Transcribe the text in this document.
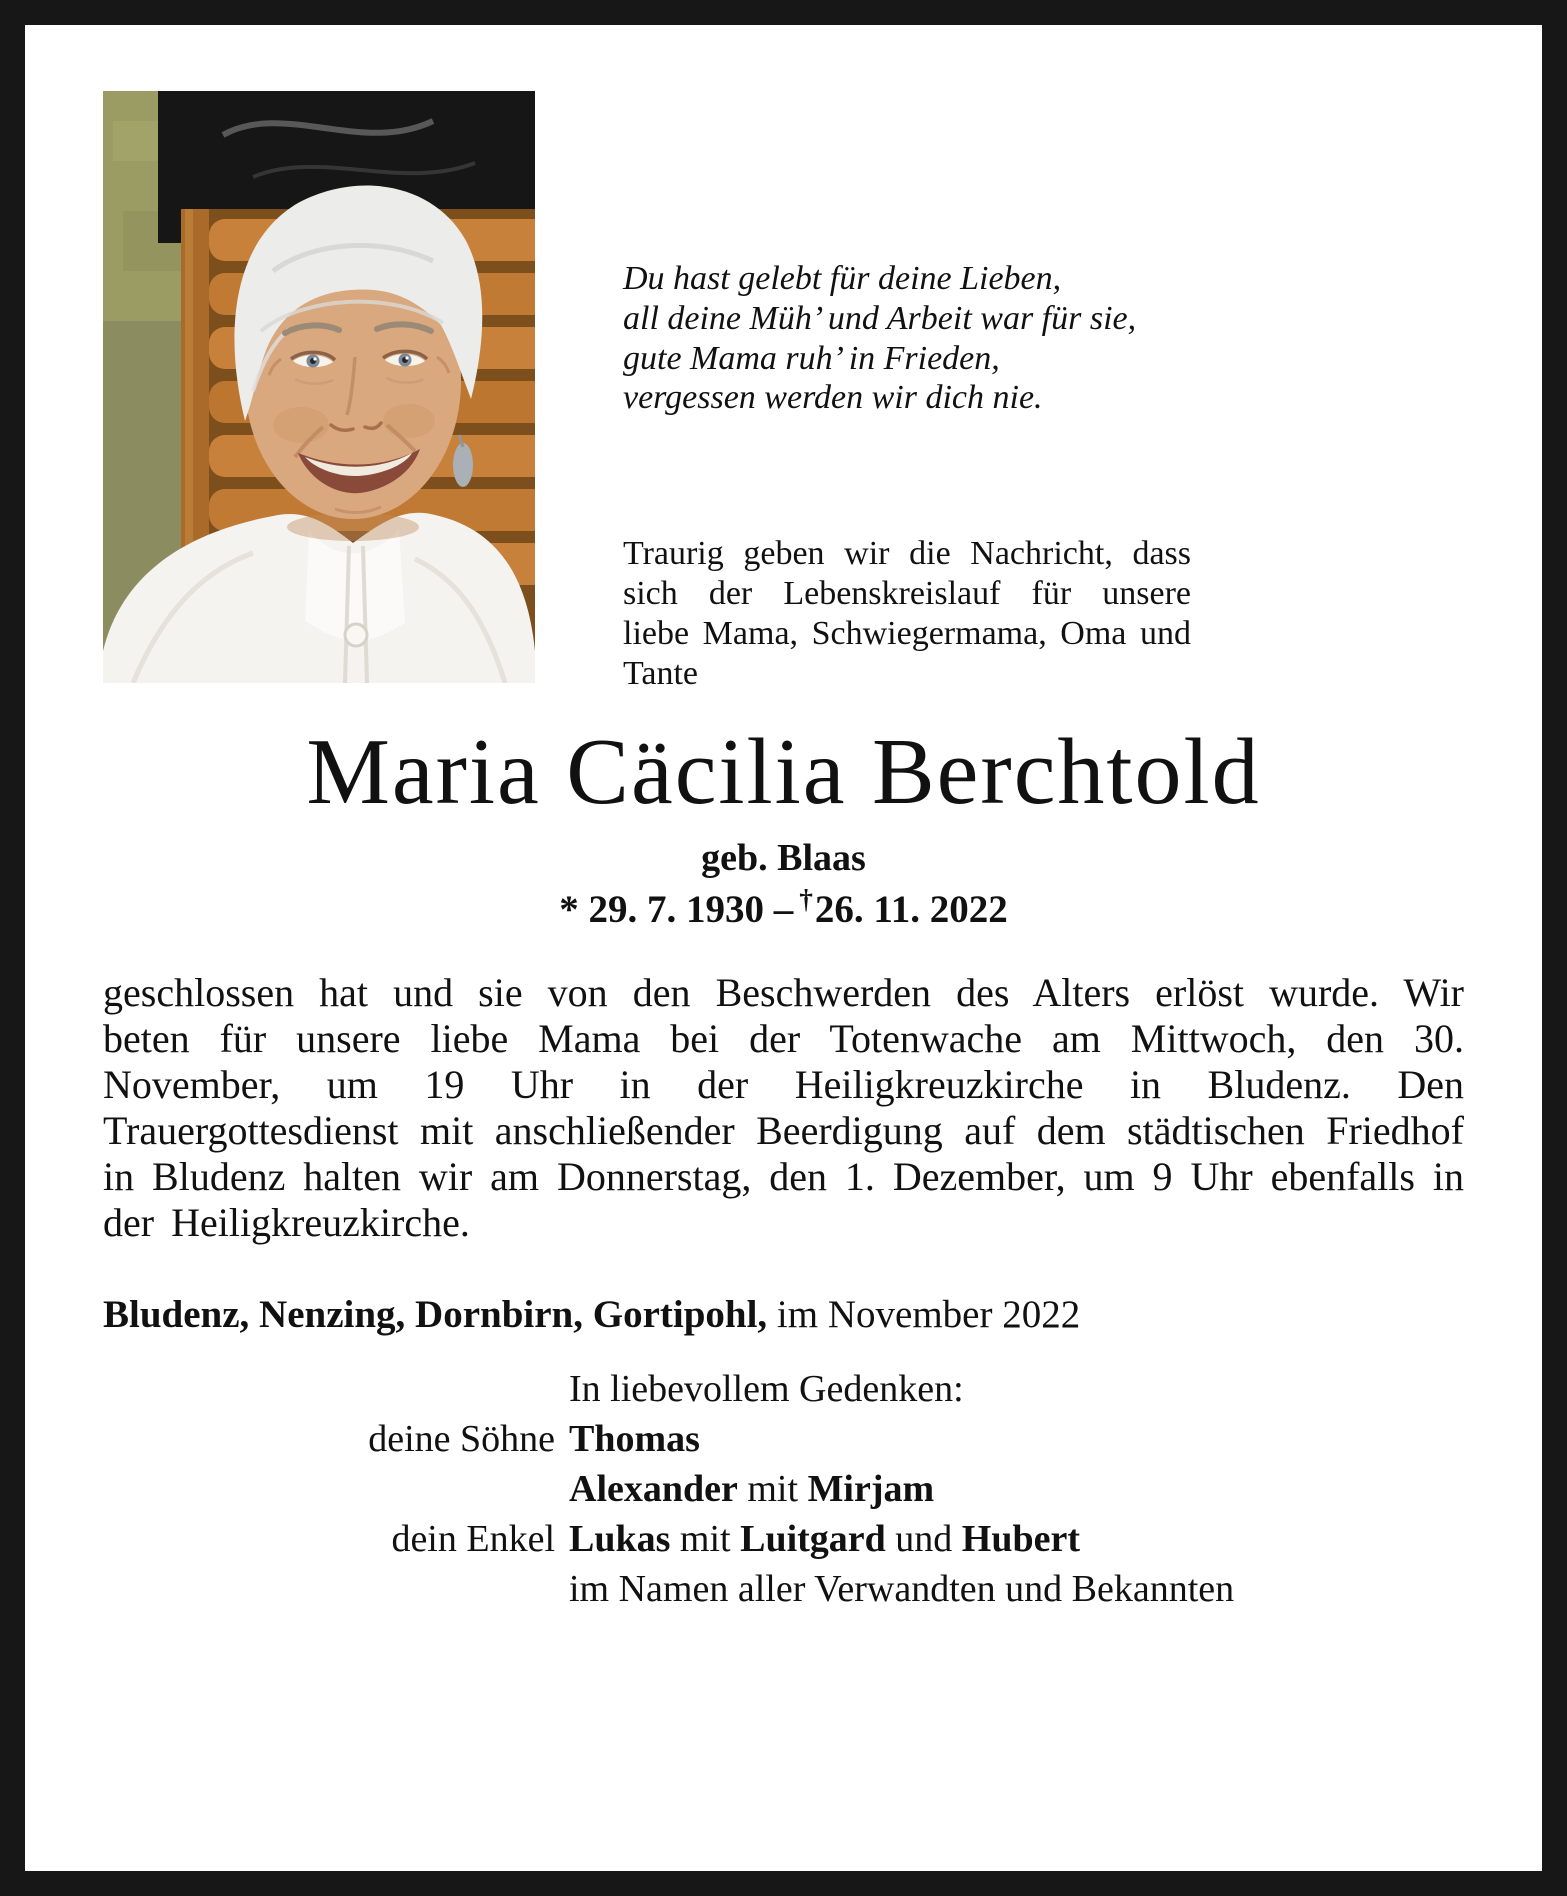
Du hast gelebt für deine Lieben,

all deine Müh’ und Arbeit war für sie,

gute Mama ruh’ in Frieden,

vergessen werden wir dich nie.

Traurig geben wir die Nachricht, dass sich der Lebenskreislauf für unsere liebe Mama, Schwiegermama, Oma und Tante

Maria Cäcilia Berchtold

geb. Blaas

* 29. 7. 1930 – †26. 11. 2022

geschlossen hat und sie von den Beschwerden des Alters erlöst wurde. Wir beten für unsere liebe Mama bei der Totenwache am Mittwoch, den 30. November, um 19 Uhr in der Heiligkreuzkirche in Bludenz. Den Trauergottesdienst mit anschließender Beerdigung auf dem städtischen Friedhof in Bludenz halten wir am Donnerstag, den 1. Dezember, um 9 Uhr ebenfalls in der Heiligkreuzkirche.

Bludenz, Nenzing, Dornbirn, Gortipohl, im November 2022

In liebevollem Gedenken:
deine Söhne Thomas
Alexander mit Mirjam
dein Enkel Lukas mit Luitgard und Hubert
im Namen aller Verwandten und Bekannten
